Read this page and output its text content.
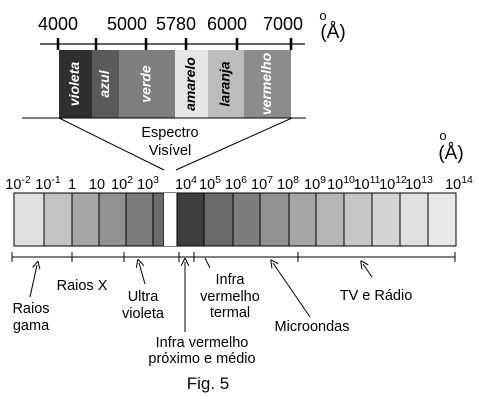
4000 5000 5780 6000 7000 o
(Å)
violeta azul verde amarelo laranja vermelho
Espectro
Visível
o
(Å)
$10^{-2}$ $10^{-1}$ 1 10 $10^2$ $10^3$ $10^4$ $10^5$ $10^6$ $10^7$ $10^8$ $10^9$ $10^{10}$
$10^{11}$
$10^{12}$
$10^{13}$ $10^{14}$
Raios
gama
Raios X
Ultra
violeta
Infra vermelho
próximo e médio
Infra
vermelho
termal
Microondas
TV e Rádio
Fig. 5
